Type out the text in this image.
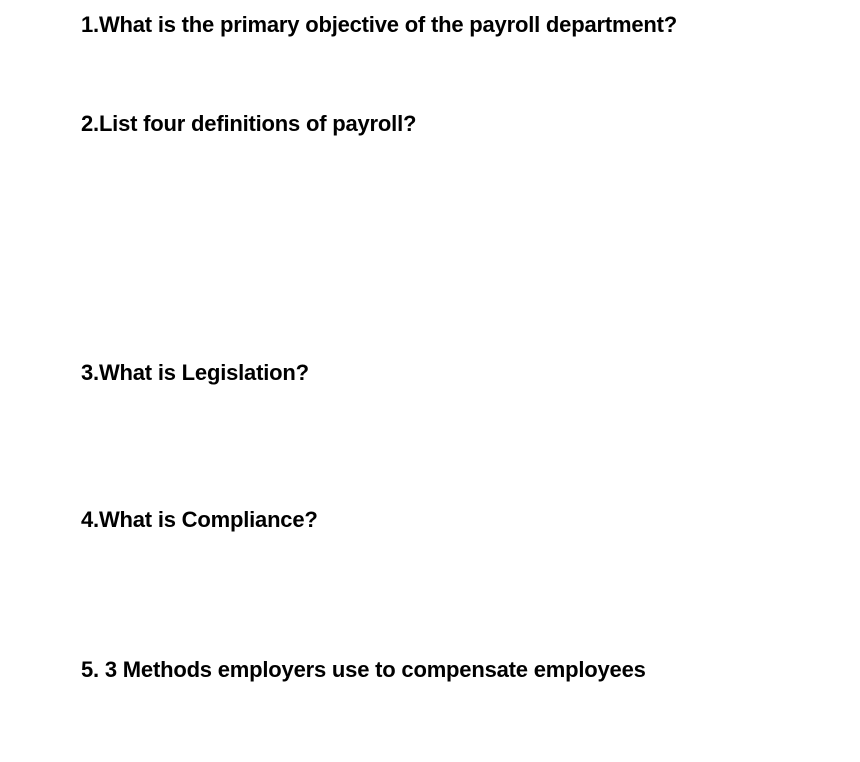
1.What is the primary objective of the payroll department?

2.List four definitions of payroll?

3.What is Legislation?

4.What is Compliance?

5. 3 Methods employers use to compensate employees
